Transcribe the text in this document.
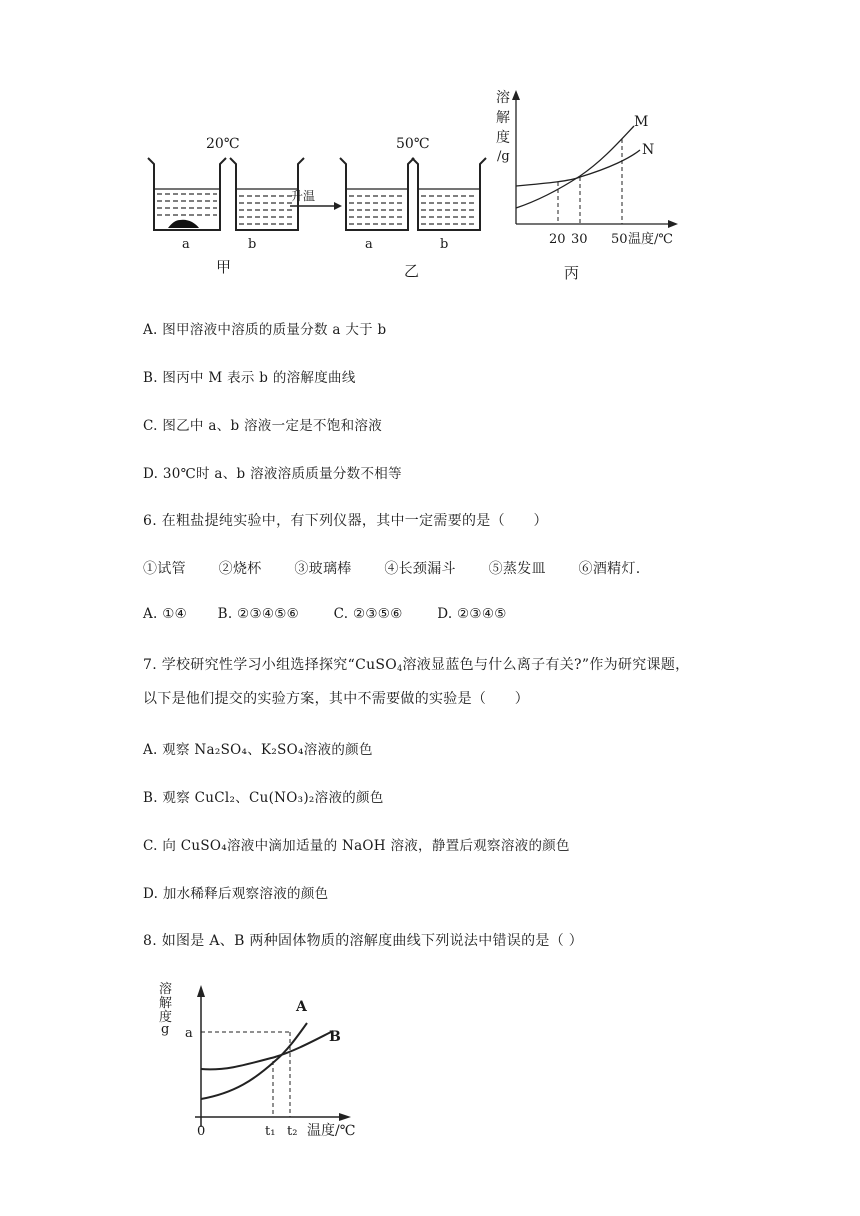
20℃	50℃
a	b
甲
升温
a	b
乙
溶
解
度
/g
M
N
20 30 50 温度/℃
丙
A. 图甲溶液中溶质的质量分数 a 大于 b
B. 图丙中 M 表示 b 的溶解度曲线
C. 图乙中 a、b 溶液一定是不饱和溶液
D. 30℃时 a、b 溶液溶质质量分数不相等
6. 在粗盐提纯实验中，有下列仪器，其中一定需要的是（　　）
①试管 ②烧杯 ③玻璃棒 ④长颈漏斗 ⑤蒸发皿 ⑥酒精灯.
A. ①④ B. ②③④⑤⑥	C. ②③⑤⑥	D. ②③④⑤
7. 学校研究性学习小组选择探究“CuSO$_4$溶液显蓝色与什么离子有关?”作为研究课题，
以下是他们提交的实验方案，其中不需要做的实验是（　　）
A. 观察 Na₂SO₄、K₂SO₄溶液的颜色
B. 观察 CuCl₂、Cu(NO₃)₂溶液的颜色
C. 向 CuSO₄溶液中滴加适量的 NaOH 溶液，静置后观察溶液的颜色
D. 加水稀释后观察溶液的颜色
8. 如图是 A、B 两种固体物质的溶解度曲线下列说法中错误的是（ ）
溶
解
度
g a
A
B
0	t₁ t₂ 温度/℃
